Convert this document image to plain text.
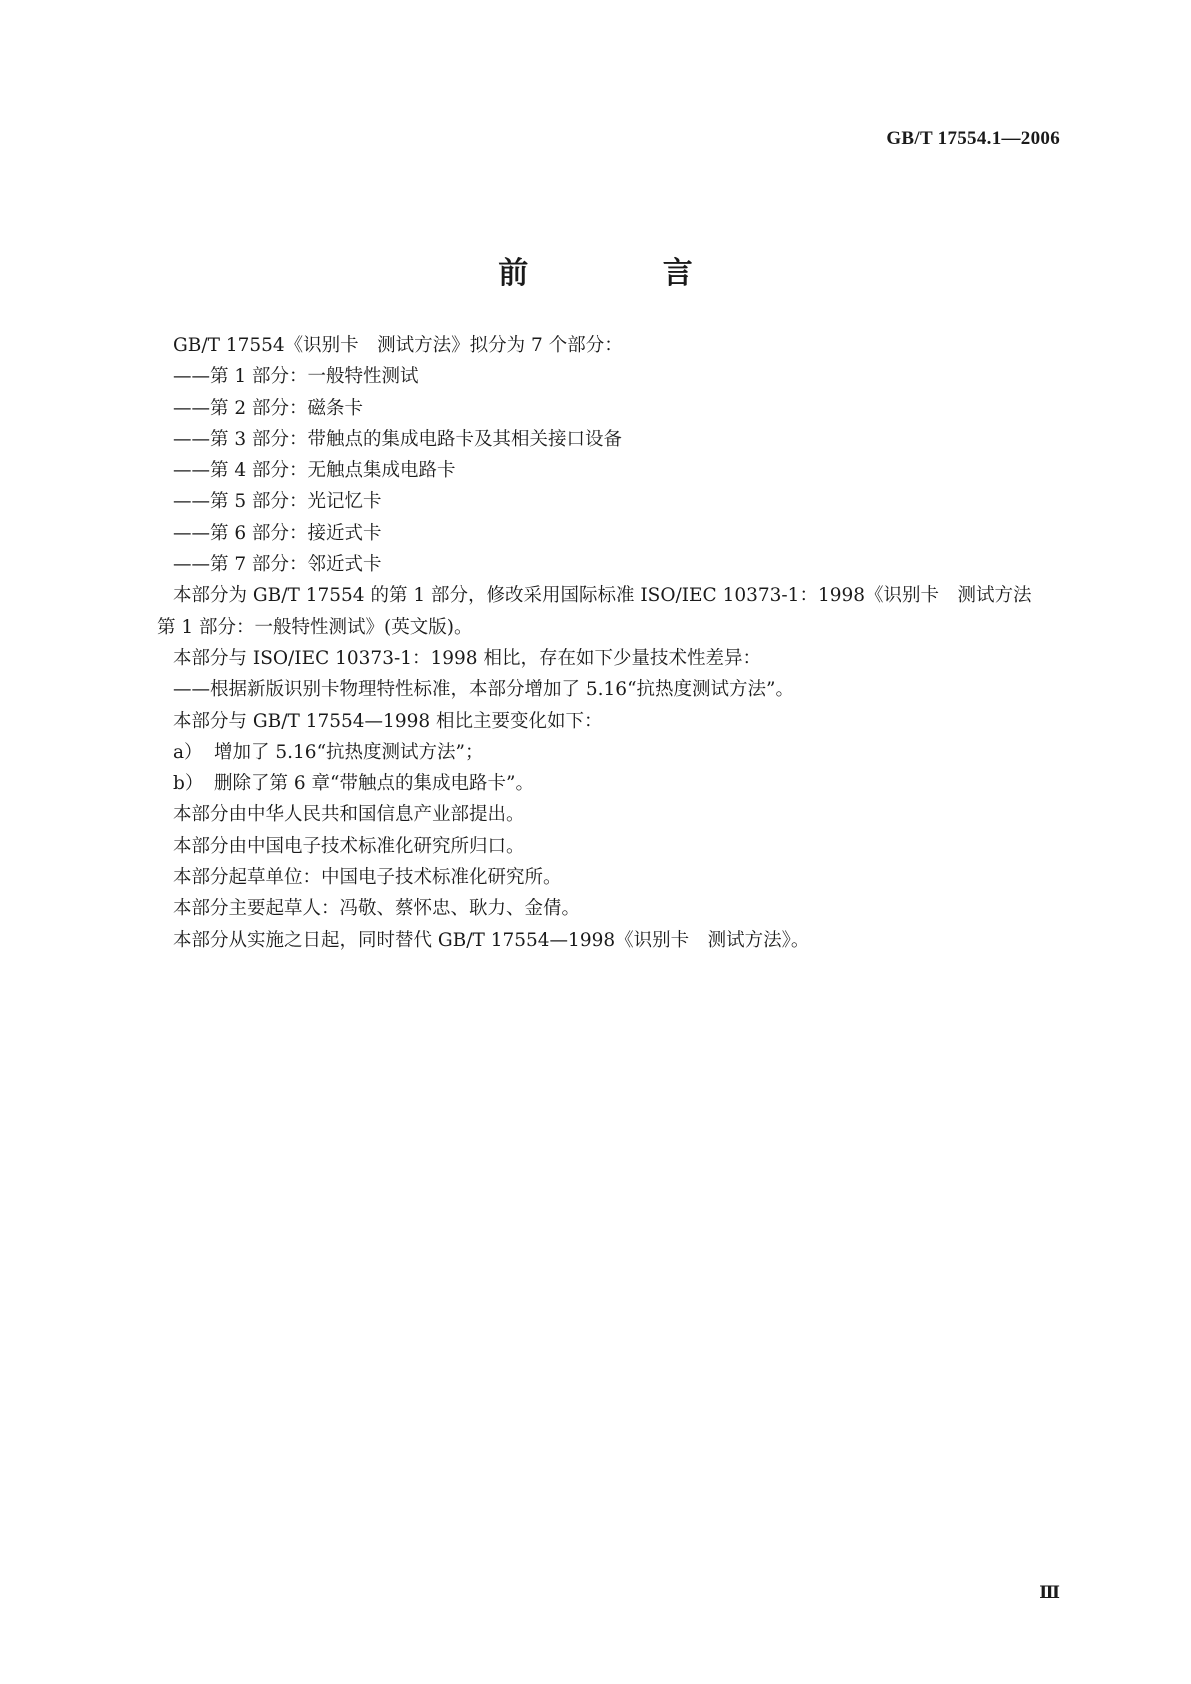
GB/T 17554.1—2006
前 言

GB/T 17554《识别卡　测试方法》拟分为 7 个部分：

——第 1 部分：一般特性测试

——第 2 部分：磁条卡

——第 3 部分：带触点的集成电路卡及其相关接口设备

——第 4 部分：无触点集成电路卡

——第 5 部分：光记忆卡

——第 6 部分：接近式卡

——第 7 部分：邻近式卡

本部分为 GB/T 17554 的第 1 部分，修改采用国际标准 ISO/IEC 10373-1：1998《识别卡　测试方法

第 1 部分：一般特性测试》(英文版)。

本部分与 ISO/IEC 10373-1：1998 相比，存在如下少量技术性差异：

——根据新版识别卡物理特性标准，本部分增加了 5.16“抗热度测试方法”。

本部分与 GB/T 17554—1998 相比主要变化如下：

a） 增加了 5.16“抗热度测试方法”；

b） 删除了第 6 章“带触点的集成电路卡”。

本部分由中华人民共和国信息产业部提出。

本部分由中国电子技术标准化研究所归口。

本部分起草单位：中国电子技术标准化研究所。

本部分主要起草人：冯敬、蔡怀忠、耿力、金倩。

本部分从实施之日起，同时替代 GB/T 17554—1998《识别卡　测试方法》。

Ⅲ
